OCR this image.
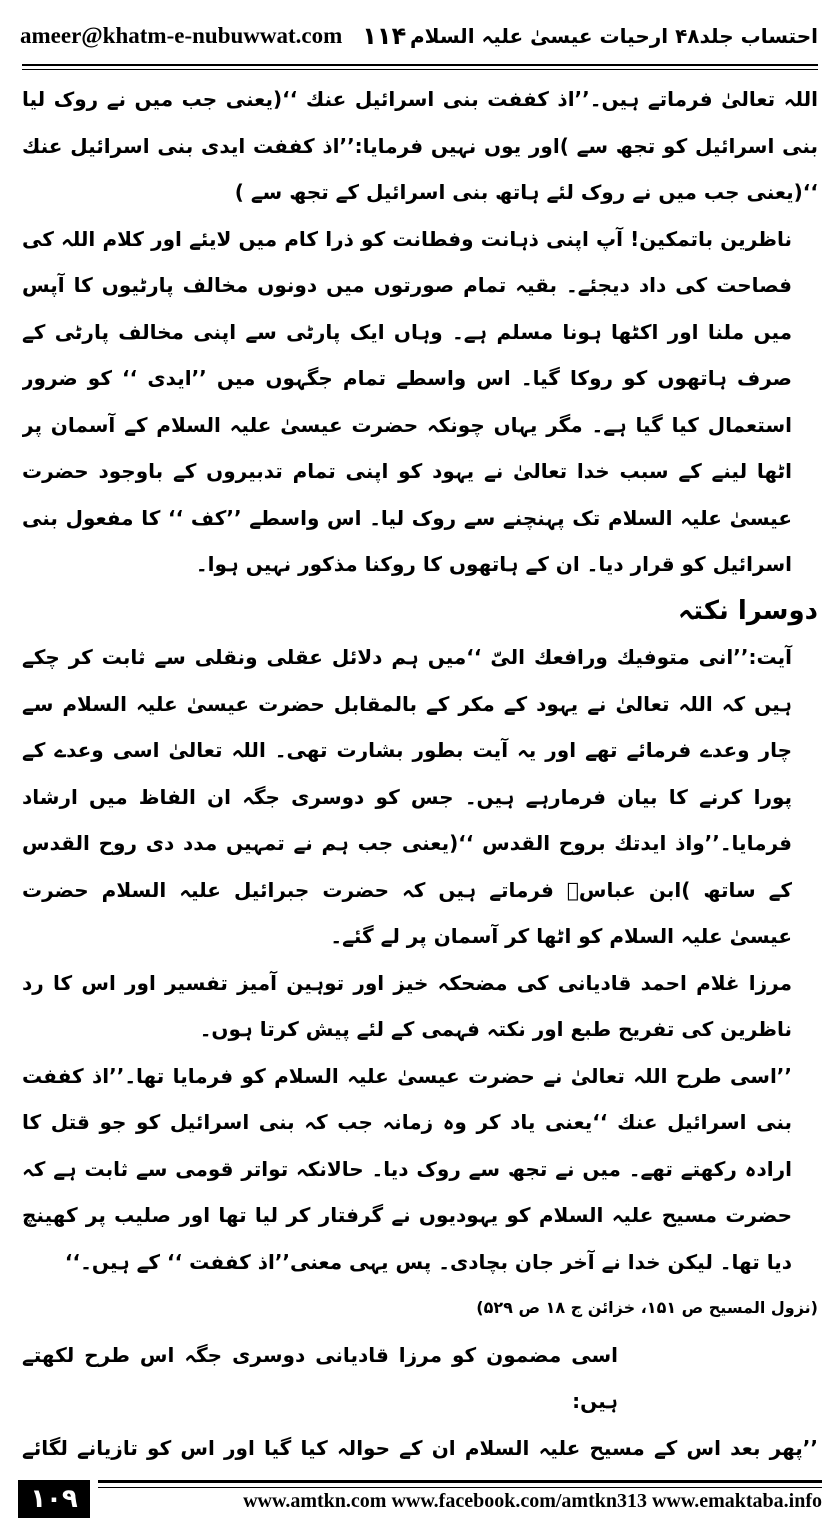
ameer@khatm-e-nubuwwat.com ۱۱۴ احتساب جلد۴۸ ارحیات عیسیٰ علیہ السلام

اللہ تعالیٰ فرماتے ہیں۔’’اذ کففت بنی اسرائیل عنك ‘‘(یعنی جب میں نے روک لیا بنی اسرائیل کو تجھ سے )اور یوں نہیں فرمایا:’’اذ کففت ایدی بنی اسرائیل عنك ‘‘(یعنی جب میں نے روک لئے ہاتھ بنی اسرائیل کے تجھ سے )

ناظرین باتمکین! آپ اپنی ذہانت وفطانت کو ذرا کام میں لایئے اور کلام اللہ کی فصاحت کی داد دیجئے۔ بقیہ تمام صورتوں میں دونوں مخالف پارٹیوں کا آپس میں ملنا اور اکٹھا ہونا مسلم ہے۔ وہاں ایک پارٹی سے اپنی مخالف پارٹی کے صرف ہاتھوں کو روکا گیا۔ اس واسطے تمام جگہوں میں ’’ایدی ‘‘ کو ضرور استعمال کیا گیا ہے۔ مگر یہاں چونکہ حضرت عیسیٰ علیہ السلام کے آسمان پر اٹھا لینے کے سبب خدا تعالیٰ نے یہود کو اپنی تمام تدبیروں کے باوجود حضرت عیسیٰ علیہ السلام تک پہنچنے سے روک لیا۔ اس واسطے ’’کف ‘‘ کا مفعول بنی اسرائیل کو قرار دیا۔ ان کے ہاتھوں کا روکنا مذکور نہیں ہوا۔

دوسرا نکتہ

آیت:’’انی متوفیك ورافعك الیّ ‘‘میں ہم دلائل عقلی ونقلی سے ثابت کر چکے ہیں کہ اللہ تعالیٰ نے یہود کے مکر کے بالمقابل حضرت عیسیٰ علیہ السلام سے چار وعدے فرمائے تھے اور یہ آیت بطور بشارت تھی۔ اللہ تعالیٰ اسی وعدے کے پورا کرنے کا بیان فرمارہے ہیں۔ جس کو دوسری جگہ ان الفاظ میں ارشاد فرمایا۔’’واذ ایدتك بروح القدس ‘‘(یعنی جب ہم نے تمہیں مدد دی روح القدس کے ساتھ )ابن عباسؓ فرماتے ہیں کہ حضرت جبرائیل علیہ السلام حضرت عیسیٰ علیہ السلام کو اٹھا کر آسمان پر لے گئے۔

مرزا غلام احمد قادیانی کی مضحکہ خیز اور توہین آمیز تفسیر اور اس کا رد ناظرین کی تفریح طبع اور نکتہ فہمی کے لئے پیش کرتا ہوں۔

’’اسی طرح اللہ تعالیٰ نے حضرت عیسیٰ علیہ السلام کو فرمایا تھا۔’’اذ کففت بنی اسرائیل عنك ‘‘یعنی یاد کر وہ زمانہ جب کہ بنی اسرائیل کو جو قتل کا ارادہ رکھتے تھے۔ میں نے تجھ سے روک دیا۔ حالانکہ تواتر قومی سے ثابت ہے کہ حضرت مسیح علیہ السلام کو یہودیوں نے گرفتار کر لیا تھا اور صلیب پر کھینچ دیا تھا۔ لیکن خدا نے آخر جان بچادی۔ پس یہی معنی’’اذ کففت ‘‘ کے ہیں۔‘‘

(نزول المسیح ص ۱۵۱، خزائن ج ۱۸ ص ۵۲۹)

اسی مضمون کو مرزا قادیانی دوسری جگہ اس طرح لکھتے ہیں:

’’پھر بعد اس کے مسیح علیہ السلام ان کے حوالہ کیا گیا اور اس کو تازیانے لگائے

۱۰۹	www.amtkn.com www.facebook.com/amtkn313 www.emaktaba.info
